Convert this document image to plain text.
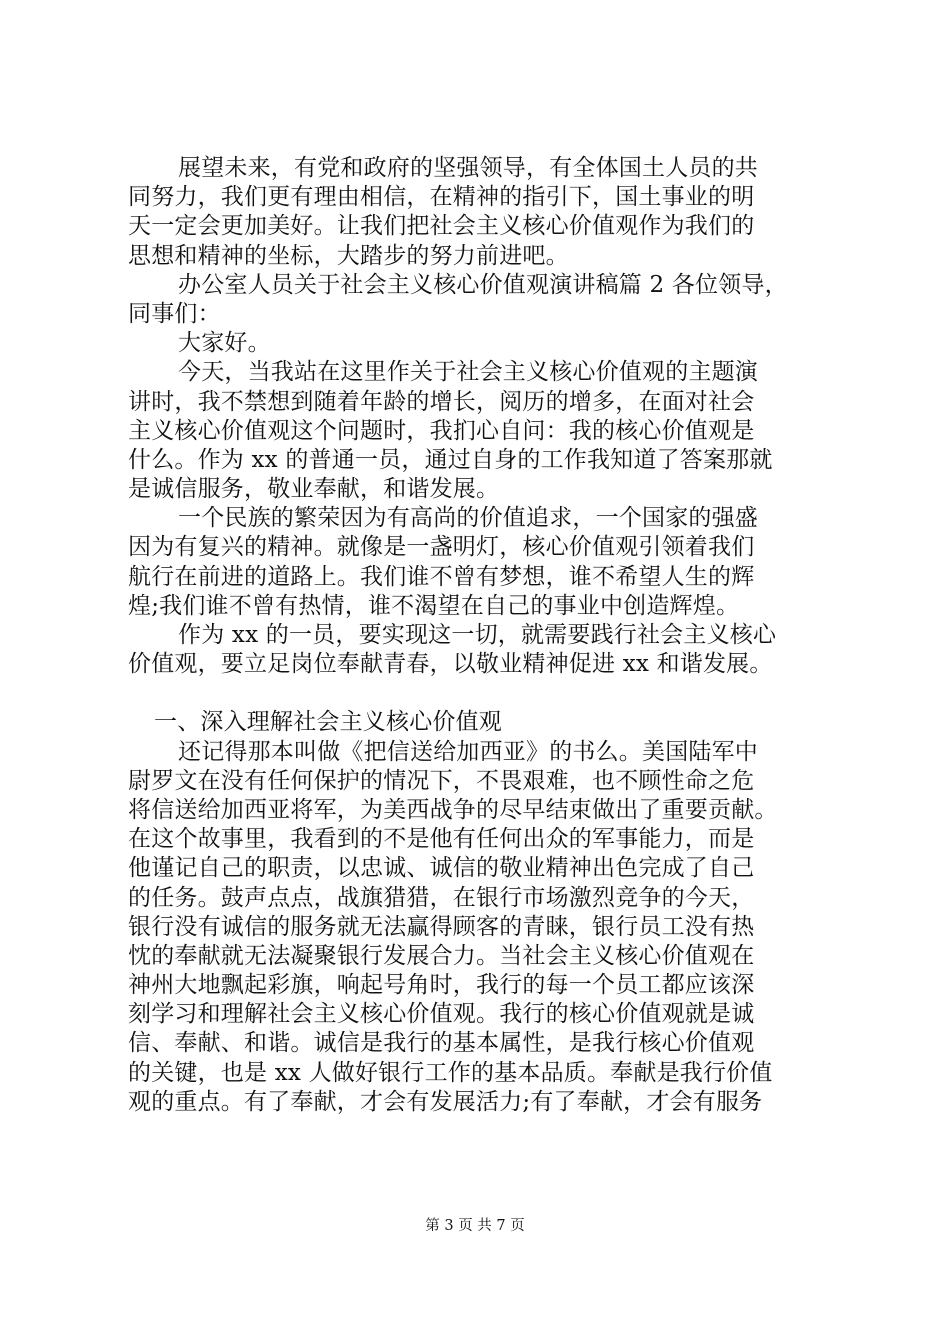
展望未来，有党和政府的坚强领导，有全体国土人员的共
同努力，我们更有理由相信，在精神的指引下，国土事业的明
天一定会更加美好。让我们把社会主义核心价值观作为我们的
思想和精神的坐标，大踏步的努力前进吧。
办公室人员关于社会主义核心价值观演讲稿篇 2 各位领导，
同事们：
大家好。
今天，当我站在这里作关于社会主义核心价值观的主题演
讲时，我不禁想到随着年龄的增长，阅历的增多，在面对社会
主义核心价值观这个问题时，我扪心自问：我的核心价值观是
什么。作为 xx 的普通一员，通过自身的工作我知道了答案那就
是诚信服务，敬业奉献，和谐发展。
一个民族的繁荣因为有高尚的价值追求，一个国家的强盛
因为有复兴的精神。就像是一盏明灯，核心价值观引领着我们
航行在前进的道路上。我们谁不曾有梦想，谁不希望人生的辉
煌;我们谁不曾有热情，谁不渴望在自己的事业中创造辉煌。
作为 xx 的一员，要实现这一切，就需要践行社会主义核心
价值观，要立足岗位奉献青春，以敬业精神促进 xx 和谐发展。
一、深入理解社会主义核心价值观
还记得那本叫做《把信送给加西亚》的书么。美国陆军中
尉罗文在没有任何保护的情况下，不畏艰难，也不顾性命之危
将信送给加西亚将军，为美西战争的尽早结束做出了重要贡献。
在这个故事里，我看到的不是他有任何出众的军事能力，而是
他谨记自己的职责，以忠诚、诚信的敬业精神出色完成了自己
的任务。鼓声点点，战旗猎猎，在银行市场激烈竞争的今天，
银行没有诚信的服务就无法赢得顾客的青睐，银行员工没有热
忱的奉献就无法凝聚银行发展合力。当社会主义核心价值观在
神州大地飘起彩旗，响起号角时，我行的每一个员工都应该深
刻学习和理解社会主义核心价值观。我行的核心价值观就是诚
信、奉献、和谐。诚信是我行的基本属性，是我行核心价值观
的关键，也是 xx 人做好银行工作的基本品质。奉献是我行价值
观的重点。有了奉献，才会有发展活力;有了奉献，才会有服务
第 3 页 共 7 页
